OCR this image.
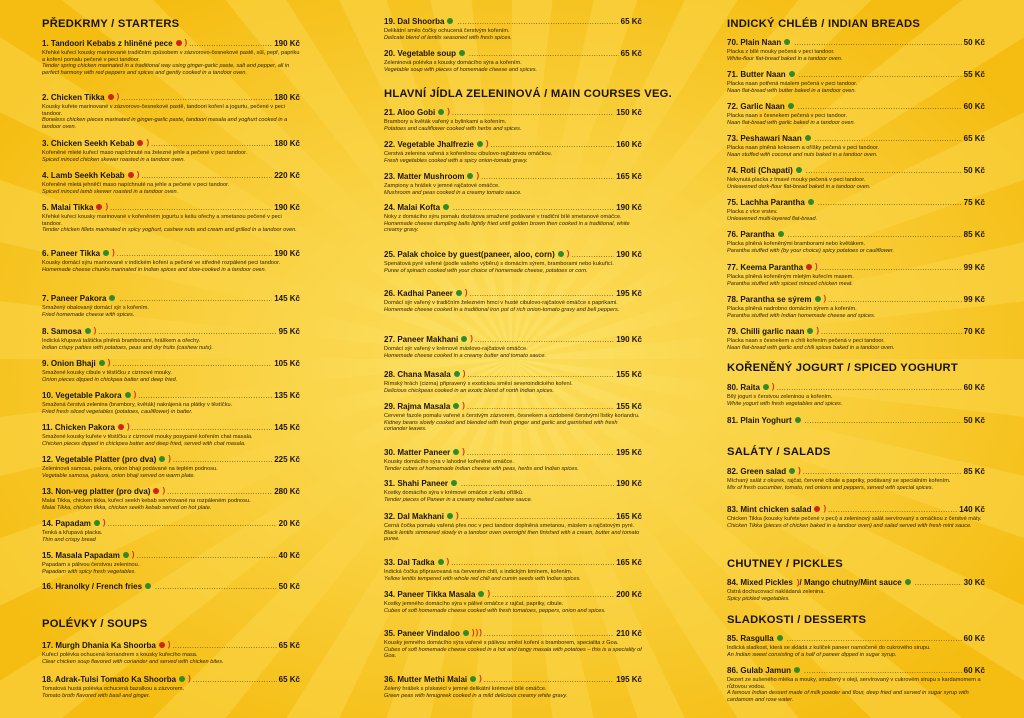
PŘEDKRMY / STARTERS
1. Tandoori Kebabs z hliněné pece ) .....	190 Kč
Křehké kuřecí kousky marinované tradičním způsobem v zázvorovo-česnekové pastě, sůl, pepř, papriku a koření pomalu pečené v peci tandoor.
Tender spring chicken marinated in a traditional way using ginger-garlic paste, salt and pepper, all in perfect harmony with red peppers and spices and gently cooked in a tandoor oven.
2. Chicken Tikka ) .....	180 Kč
Kousky kuřete marinované v zázvorovo-česnekové pastě, tandoori koření a jogurtu, pečené v peci tandoor.
Boneless chicken pieces marinated in ginger-garlic paste, tandoori masala and yoghurt cooked in a tandoor oven.
3. Chicken Seekh Kebab ) .....	180 Kč
Kořeněné mleté kuřecí maso napíchnuté na železné jehle a pečené v peci tandoor.
Spiced minced chicken skewer roasted in a tandoor oven.
4. Lamb Seekh Kebab ) .....	220 Kč
Kořeněné mletá jehněčí maso napíchnuté na jehle a pečené v peci tandoor.
Spiced minced lamb skewer roasted in a tandoor oven.
5. Malai Tikka ) .....	190 Kč
Křehké kuřecí kousky marinované v kořeněném jogurtu s kešu ořechy a smetanou pečené v peci tandoor.
Tender chicken fillets marinated in spicy yoghurt, cashew nuts and cream and grilled in a tandoor oven.
6. Paneer Tikka ) .....	190 Kč
Kousky domácí sýru marinované v indickém koření a pečené ve středně rozpálené peci tandoor.
Homemade cheese chunks marinated in Indian spices and slow-cooked in a tandoor oven.
7. Paneer Pakora .....	145 Kč
Smažený obalovaný domácí sýr s kořením.
Fried homemade cheese with spices.
8. Samosa ) .....	95 Kč
Indická křupavá taštička plněná bramborami, hráškem a ořechy.
Indian crispy patties with potatoes, peas and dry fruits (cashew nuts).
9. Onion Bhaji ) .....	105 Kč
Smažené kousky cibule v těstíčku z cizrnové mouky.
Onion pieces dipped in chickpea batter and deep fried.
10. Vegetable Pakora ) .....	135 Kč
Smažená čerstvá zelenina (brambory, květák) nakrájená na plátky v těstíčku.
Fried fresh sliced vegetables (potatoes, cauliflower) in batter.
11. Chicken Pakora ) .....	145 Kč
Smažené kousky kuřete v těstíčku z cizrnové mouky posypané kořením chat masala.
Chicken pieces dipped in chickpea batter and deep fried, served with chat masala.
12. Vegetable Platter (pro dva) ) .....	225 Kč
Zeleninová samosa, pakora, onion bhaji podávané na teplém podnosu.
Vegetable samosa, pakora, onion bhaji served on warm plate.
13. Non-veg platter (pro dva) ) .....	280 Kč
Malai Tikka, chicken tikka, kuřecí seekh kebab servírované na rozpáleném podnosu.
Malai Tikka, chicken tikka, chicken seekh kebab served on hot plate.
14. Papadam ) .....	20 Kč
Tenká a křupavá placka.
Thin and crispy bread
15. Masala Papadam ) .....	40 Kč
Papadam s pálivou čerstvou zeleninou.
Papadam with spicy fresh vegetables.
16. Hranolky / French fries .....	50 Kč
POLÉVKY / SOUPS
17. Murgh Dhania Ka Shoorba ) .....	65 Kč
Kuřecí polévka ochucená koriandrem s kousky kuřecího masa.
Clear chicken soup flavored with coriander and served with chicken bites.
18. Adrak-Tulsi Tomato Ka Shoorba ) .....	65 Kč
Tomatová hustá polévka ochucená bazalkou a zázvorem.
Tomato broth flavored with basil and ginger.
19. Dal Shoorba .....	65 Kč
Delikátní směs čočky ochucená čerstvým kořením.
Delicate blend of lentils seasoned with fresh spices.
20. Vegetable soup .....	65 Kč
Zeleninová polévka s kousky domácího sýra a kořením.
Vegetable soup with pieces of homemade cheese and spices.
HLAVNÍ JÍDLA ZELENINOVÁ / MAIN COURSES VEG.
21. Aloo Gobi ) .....	150 Kč
Brambory a květák vařený s bylinkami a kořením.
Potatoes and cauliflower cooked with herbs and spices.
22. Vegetable Jhalfrezie ) .....	160 Kč
Čerstvá zelenina vařená s kořeněnou cibulovo-rajčatovou omáčkou.
Fresh vegetables cooked with a spicy onion-tomato gravy.
23. Matter Mushroom ) .....	165 Kč
Žampiony a hrášek v jemné rajčatové omáčce.
Mushroom and peas cooked in a creamy tomato sauce.
24. Malai Kofta .....	190 Kč
Noky z domácího sýru pomalu dozlatova smažené podávané v tradiční bílé smetanové omáčce.
Homemade cheese dumpling balls lightly fried until golden brown then cooked in a traditional, white creamy gravy.
25. Palak choice by guest(paneer, aloo, corn) ) .....	190 Kč
Špenátová pyré vařené (podle vašeho výběru) s domácím sýrem, bramborami nebo kukuřicí.
Puree of spinach cooked with your choice of homemade cheese, potatoes or corn.
26. Kadhai Paneer ) .....	195 Kč
Domácí sýr vařený v tradičním železném hrnci v husté cibulovo-rajčatové omáčce s paprikami.
Homemade cheese cooked in a traditional iron pot of rich onion-tomato gravy and bell peppers.
27. Paneer Makhani ) .....	190 Kč
Domácí sýr vařený v krémové máslovo-rajčatové omáčce.
Homemade cheese cooked in a creamy butter and tomato sauce.
28. Chana Masala ) .....	155 Kč
Římský hrách (cizrna) připravený s exotickou směsí severoindického koření.
Delicious chickpeas cooked in an exotic blend of north Indian spices.
29. Rajma Masala ) .....	155 Kč
Červené fazole pomalu vařené s čerstvým zázvorem, česnekem a ozdobené čerstvými lístky koriandru.
Kidney beans slowly cooked and blended with fresh ginger and garlic and garnished with fresh coriander leaves.
30. Matter Paneer ) .....	195 Kč
Kousky domácího sýra v lahodné kořeněné omáčce.
Tender cubes of homemade Indian cheese with peas, herbs and Indian spices.
31. Shahi Paneer .....	190 Kč
Kostky domácího sýra v krémové omáčce z kešu oříšků.
Tender pieces of Paneer in a creamy melted cashew sauce.
32. Dal Makhani ) .....	165 Kč
Černá čočka pomalu vařená přes noc v peci tandoor doplněná smetanou, máslem a rajčatovým pyré.
Black lentils simmered slowly in a tandoor oven overnight then finished with a cream, butter and tomato puree.
33. Dal Tadka ) .....	165 Kč
Indická čočka připravovaná na červeném chili, s indickým kmínem, kořením.
Yellow lentils tempered with whole red chili and cumin seeds with Indian spices.
34. Paneer Tikka Masala ) .....	200 Kč
Kostky jemného domácího sýra v pálivé omáčce z rajčat, papriky, cibule.
Cubes of soft homemade cheese cooked with fresh tomatoes, peppers, onion and spices.
35. Paneer Vindaloo ) ) ) .....	210 Kč
Kousky jemného domácího sýra vařené s pálivou směsí koření s bramborem, specialita z Goa.
Cubes of soft homemade cheese cooked in a hot and tangy masala with potatoes – this is a speciality of Goa.
36. Mutter Methi Malai ) .....	195 Kč
Zelený hrášek s pískavicí v jemné delikátní krémové bílé omáčce.
Green peas with fenugreek cooked in a mild delicious creamy white gravy.
INDICKÝ CHLÉB / INDIAN BREADS
70. Plain Naan .....	50 Kč
Placka z bílé mouky pečená v peci tandoor.
White-flour flat-bread baked in a tandoor oven.
71. Butter Naan .....	55 Kč
Placka naan potřená máslem pečená v peci tandoor.
Naan flat-bread with butter baked in a tandoor oven.
72. Garlic Naan .....	60 Kč
Placka naan s česnekem pečená v peci tandoor.
Naan flat-bread with garlic baked in a tandoor oven.
73. Peshawari Naan .....	65 Kč
Placka naan plněná kokosem a oříšky pečená v peci tandoor.
Naan stuffed with coconut and nuts baked in a tandoor oven.
74. Roti (Chapati) .....	50 Kč
Nekynutá placka z tmavé mouky pečená v peci tandoor.
Unleavened dark-flour flat-bread baked in a tandoor oven.
75. Lachha Parantha .....	75 Kč
Placka z více vrstev.
Unleavened multi-layered flat-bread.
76. Parantha .....	85 Kč
Placka plněná kořeněnými bramborami nebo květákem.
Parantha stuffed with (by your choice) spicy potatoes or cauliflower.
77. Keema Parantha ) .....	99 Kč
Placka plněná kořeněným mletým kuřecím masem.
Parantha stuffed with spiced minced chicken meat.
78. Parantha se sýrem ) .....	99 Kč
Placka plněná nadrobno domácím sýrem a kořením.
Parantha stuffed with Indian homemade cheese and spices.
79. Chilli garlic naan ) .....	70 Kč
Placka naan s česnekem a chili kořením pečená v peci tandoor.
Naan flat-bread with garlic and chili spices baked in a tandoor oven.
KOŘENĚNÝ JOGURT / SPICED YOGHURT
80. Raita ) .....	60 Kč
Bílý jogurt s čerstvou zeleninou a kořením.
White yogurt with fresh vegetables and spices.
81. Plain Yoghurt .....	50 Kč
SALÁTY / SALADS
82. Green salad ) .....	85 Kč
Míchaný salát z okurek, rajčat, červené cibule a papriky, podávaný se speciálním kořením.
Mix of fresh cucumber, tomato, red onions and peppers, served with special spices.
83. Mint chicken salad ) .....	140 Kč
Chicken Tikka (kousky kuřete pečené v peci) a zeleninový salát servírovaný s omáčkou z čerstvé máty.
Chicken Tikka (pieces of chicken baked in a tandoor oven) and salad served with fresh mint sauce.
CHUTNEY / PICKLES
84. Mixed Pickles ) / Mango chutny/Mint sauce .....	30 Kč
Ostrá dochucovací nakládaná zelenina.
Spicy pickled vegetables.
SLADKOSTI / DESSERTS
85. Rasgulla .....	60 Kč
Indická sladkost, která se skládá z kuliček paneer namočené do cukrového sirupu.
An Indian sweet consisting of a half of paneer dipped in sugar syrup.
86. Gulab Jamun .....	60 Kč
Dezert ze sušeného mléka a mouky, smažený v oleji, servírovaný v cukrovém sirupu s kardamomem a růžovou vodou.
A famous Indian dessert made of milk powder and flour, deep fried and served in sugar syrup with cardamom and rose water.
